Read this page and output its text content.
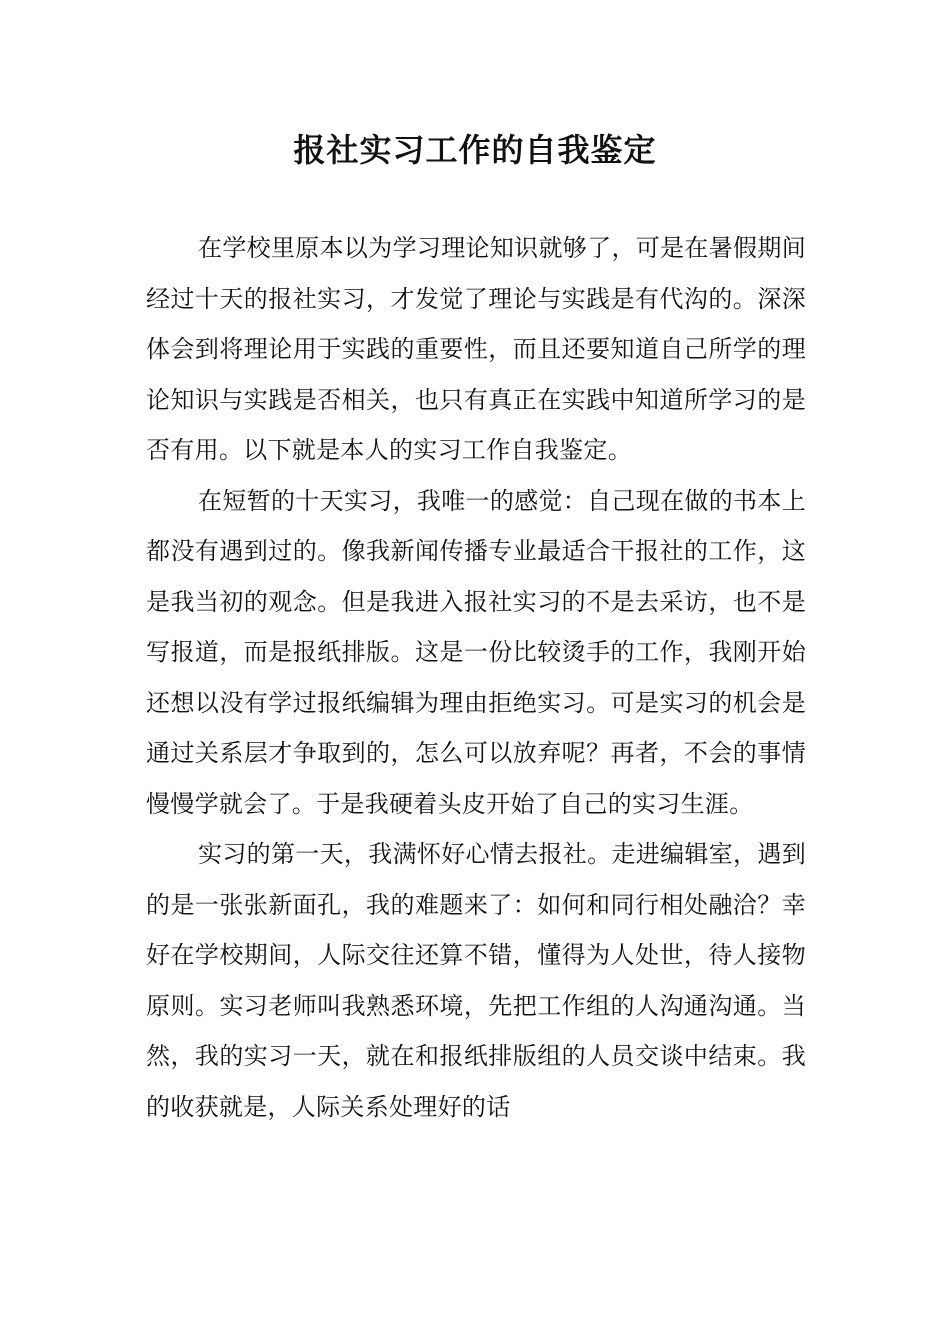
报社实习工作的自我鉴定

在学校里原本以为学习理论知识就够了，可是在暑假期间经过十天的报社实习，才发觉了理论与实践是有代沟的。深深体会到将理论用于实践的重要性，而且还要知道自己所学的理论知识与实践是否相关，也只有真正在实践中知道所学习的是否有用。以下就是本人的实习工作自我鉴定。

在短暂的十天实习，我唯一的感觉：自己现在做的书本上都没有遇到过的。像我新闻传播专业最适合干报社的工作，这是我当初的观念。但是我进入报社实习的不是去采访，也不是写报道，而是报纸排版。这是一份比较烫手的工作，我刚开始还想以没有学过报纸编辑为理由拒绝实习。可是实习的机会是通过关系层才争取到的，怎么可以放弃呢？再者，不会的事情慢慢学就会了。于是我硬着头皮开始了自己的实习生涯。

实习的第一天，我满怀好心情去报社。走进编辑室，遇到的是一张张新面孔，我的难题来了：如何和同行相处融洽？幸好在学校期间，人际交往还算不错，懂得为人处世，待人接物原则。实习老师叫我熟悉环境，先把工作组的人沟通沟通。当然，我的实习一天，就在和报纸排版组的人员交谈中结束。我的收获就是，人际关系处理好的话
